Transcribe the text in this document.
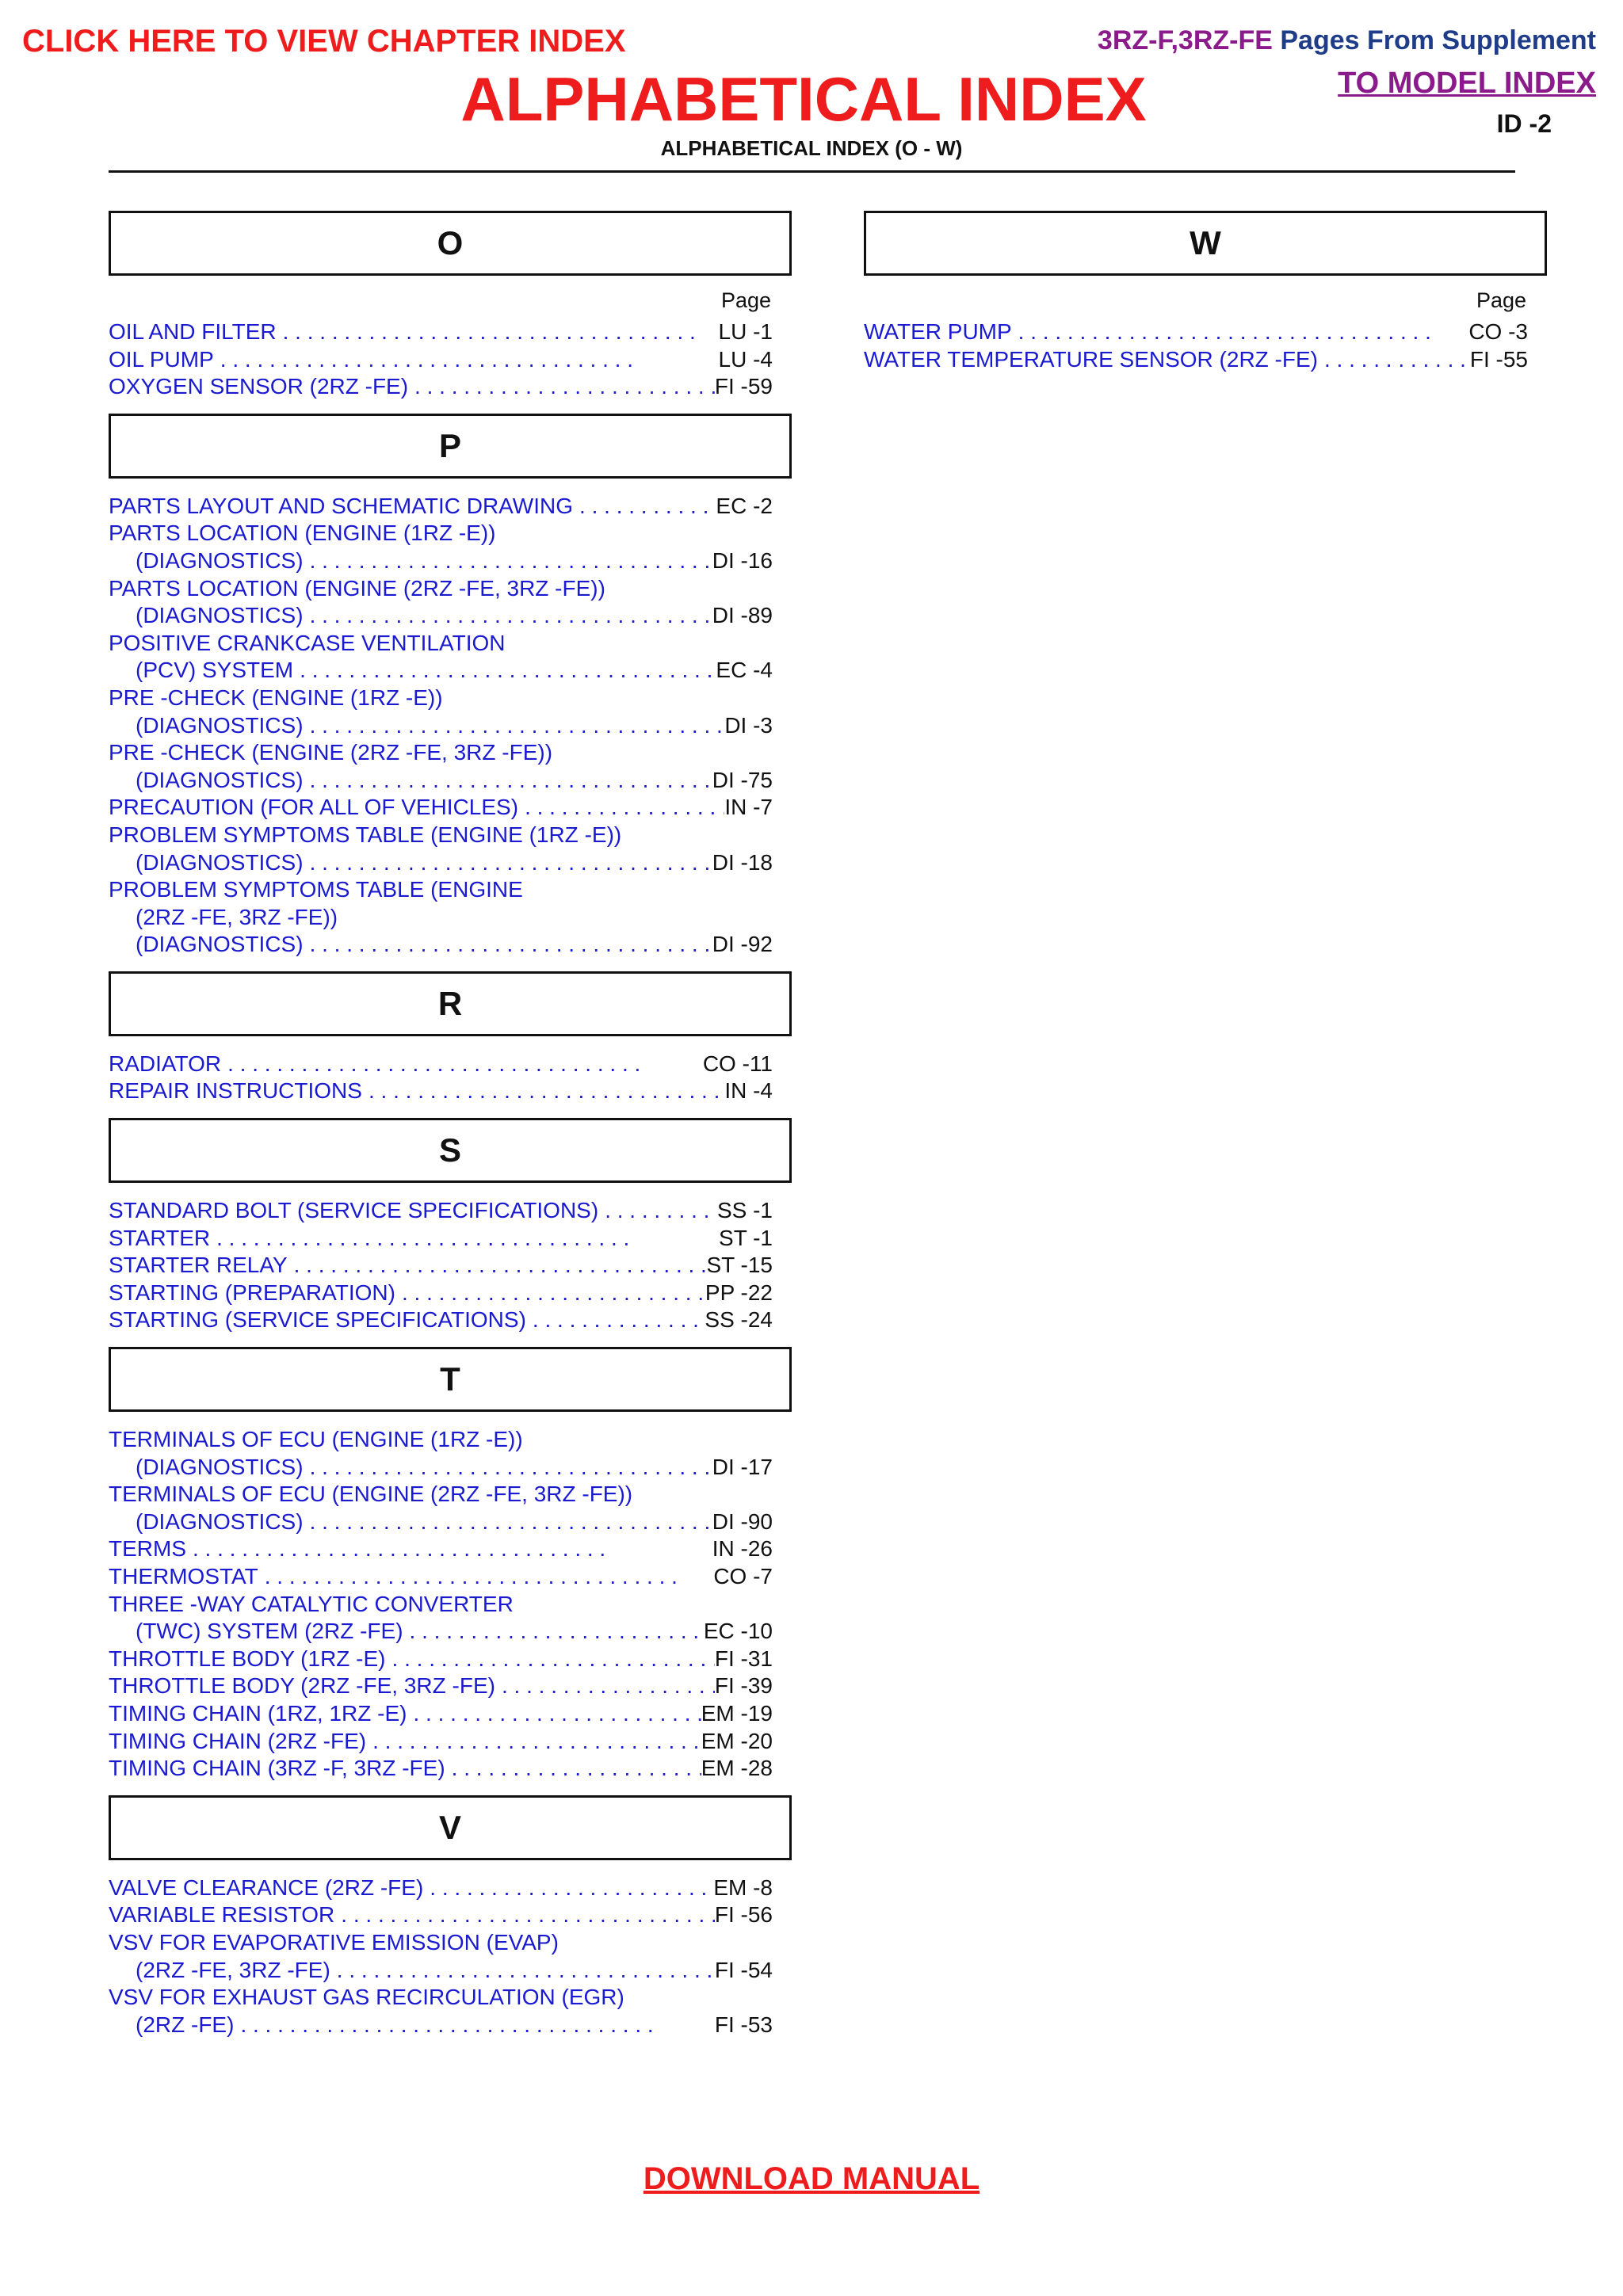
CLICK HERE TO VIEW CHAPTER INDEX	3RZ-F,3RZ-FE Pages From Supplement
TO MODEL INDEX
ALPHABETICAL INDEX	ID -2
ALPHABETICAL INDEX (O - W)
O
Page
OIL AND FILTER . . .	LU -1
OIL PUMP . . .	LU -4
OXYGEN SENSOR (2RZ -FE) . . .	FI -59
P
PARTS LAYOUT AND SCHEMATIC DRAWING . . .	EC -2
PARTS LOCATION (ENGINE (1RZ -E))
(DIAGNOSTICS) . . .	DI -16
PARTS LOCATION (ENGINE (2RZ -FE, 3RZ -FE))
(DIAGNOSTICS) . . .	DI -89
POSITIVE CRANKCASE VENTILATION
(PCV) SYSTEM . . .	EC -4
PRE -CHECK (ENGINE (1RZ -E))
(DIAGNOSTICS) . . .	DI -3
PRE -CHECK (ENGINE (2RZ -FE, 3RZ -FE))
(DIAGNOSTICS) . . .	DI -75
PRECAUTION (FOR ALL OF VEHICLES) . . .	IN -7
PROBLEM SYMPTOMS TABLE (ENGINE (1RZ -E))
(DIAGNOSTICS) . . .	DI -18
PROBLEM SYMPTOMS TABLE (ENGINE
(2RZ -FE, 3RZ -FE))
(DIAGNOSTICS) . . .	DI -92
R
RADIATOR . . .	CO -11
REPAIR INSTRUCTIONS . . .	IN -4
S
STANDARD BOLT (SERVICE SPECIFICATIONS) . . .	SS -1
STARTER . . .	ST -1
STARTER RELAY . . .	ST -15
STARTING (PREPARATION) . . .	PP -22
STARTING (SERVICE SPECIFICATIONS) . . .	SS -24
T
TERMINALS OF ECU (ENGINE (1RZ -E))
(DIAGNOSTICS) . . .	DI -17
TERMINALS OF ECU (ENGINE (2RZ -FE, 3RZ -FE))
(DIAGNOSTICS) . . .	DI -90
TERMS . . .	IN -26
THERMOSTAT . . .	CO -7
THREE -WAY CATALYTIC CONVERTER
(TWC) SYSTEM (2RZ -FE) . . .	EC -10
THROTTLE BODY (1RZ -E) . . .	FI -31
THROTTLE BODY (2RZ -FE, 3RZ -FE) . . .	FI -39
TIMING CHAIN (1RZ, 1RZ -E) . . .	EM -19
TIMING CHAIN (2RZ -FE) . . .	EM -20
TIMING CHAIN (3RZ -F, 3RZ -FE) . . .	EM -28
V
VALVE CLEARANCE (2RZ -FE) . . .	EM -8
VARIABLE RESISTOR . . .	FI -56
VSV FOR EVAPORATIVE EMISSION (EVAP)
(2RZ -FE, 3RZ -FE) . . .	FI -54
VSV FOR EXHAUST GAS RECIRCULATION (EGR)
(2RZ -FE) . . .	FI -53
W
Page
WATER PUMP . . .	CO -3
WATER TEMPERATURE SENSOR (2RZ -FE) . . .	FI -55
DOWNLOAD MANUAL
